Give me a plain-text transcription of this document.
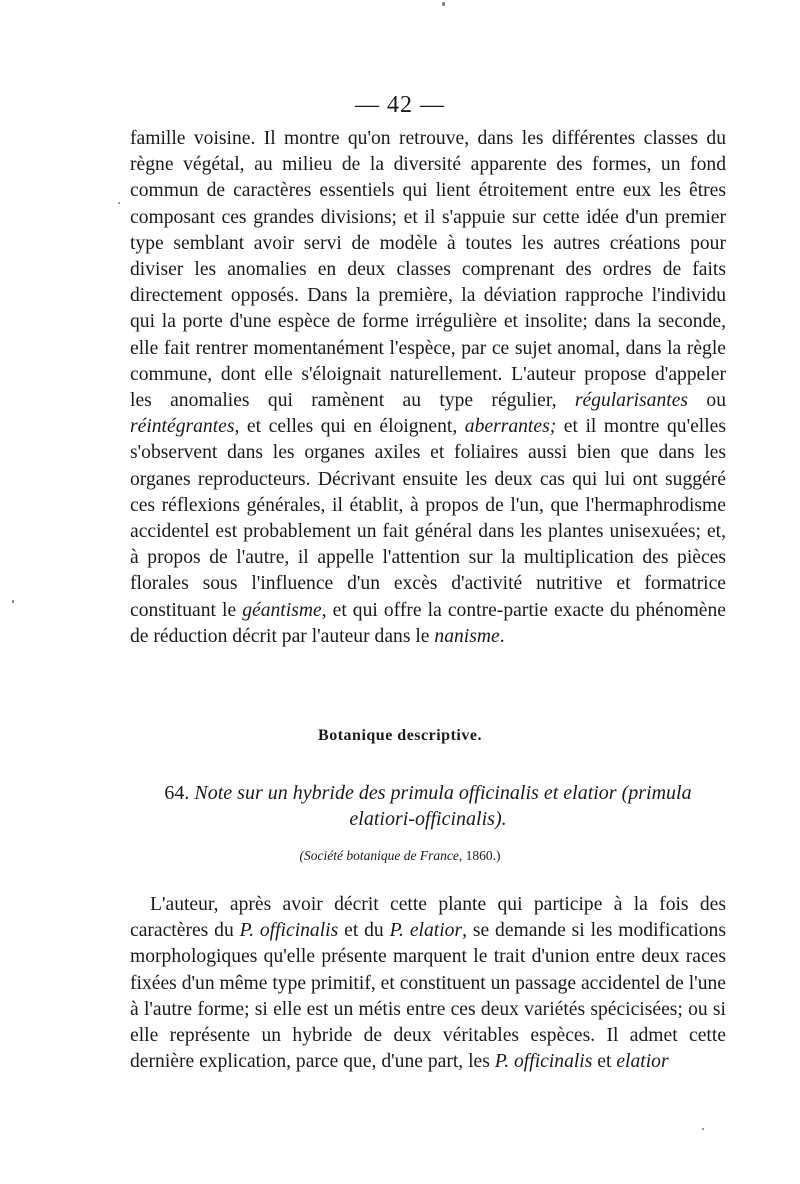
— 42 —
famille voisine. Il montre qu'on retrouve, dans les différentes classes du règne végétal, au milieu de la diversité apparente des formes, un fond commun de caractères essentiels qui lient étroitement entre eux les êtres composant ces grandes divisions; et il s'appuie sur cette idée d'un premier type semblant avoir servi de modèle à toutes les autres créations pour diviser les anomalies en deux classes comprenant des ordres de faits directement opposés. Dans la première, la déviation rapproche l'individu qui la porte d'une espèce de forme irrégulière et insolite; dans la seconde, elle fait rentrer momentanément l'espèce, par ce sujet anomal, dans la règle commune, dont elle s'éloignait naturellement. L'auteur propose d'appeler les anomalies qui ramènent au type régulier, régularisantes ou réintégrantes, et celles qui en éloignent, aberrantes; et il montre qu'elles s'observent dans les organes axiles et foliaires aussi bien que dans les organes reproducteurs. Décrivant ensuite les deux cas qui lui ont suggéré ces réflexions générales, il établit, à propos de l'un, que l'hermaphrodisme accidentel est probablement un fait général dans les plantes unisexuées; et, à propos de l'autre, il appelle l'attention sur la multiplication des pièces florales sous l'influence d'un excès d'activité nutritive et formatrice constituant le géantisme, et qui offre la contre-partie exacte du phénomène de réduction décrit par l'auteur dans le nanisme.
Botanique descriptive.
64. Note sur un hybride des primula officinalis et elatior (primula elatiori-officinalis).
(Société botanique de France, 1860.)
L'auteur, après avoir décrit cette plante qui participe à la fois des caractères du P. officinalis et du P. elatior, se demande si les modifications morphologiques qu'elle présente marquent le trait d'union entre deux races fixées d'un même type primitif, et constituent un passage accidentel de l'une à l'autre forme; si elle est un métis entre ces deux variétés spécicisées; ou si elle représente un hybride de deux véritables espèces. Il admet cette dernière explication, parce que, d'une part, les P. officinalis et elatior
